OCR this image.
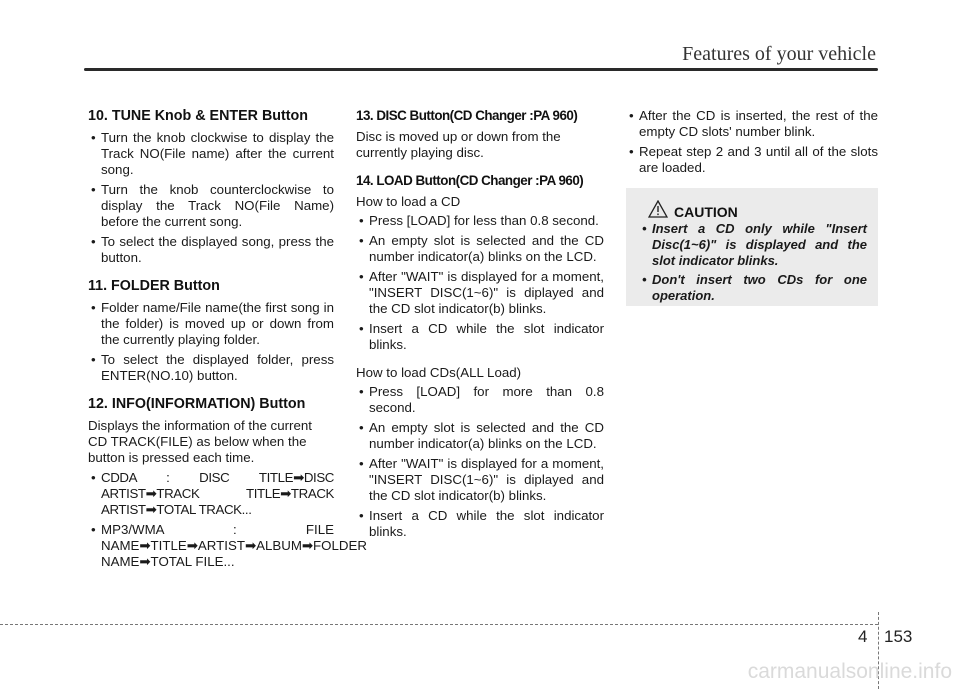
Features of your vehicle
10. TUNE Knob & ENTER Button
• Turn the knob clockwise to display the Track NO(File name) after the current song.
• Turn the knob counterclockwise to display the Track NO(File Name) before the current song.
• To select the displayed song, press the button.
11. FOLDER Button
• Folder name/File name(the first song in the folder) is moved up or down from the currently playing folder.
• To select the displayed folder, press ENTER(NO.10) button.
12. INFO(INFORMATION) Button

Displays the information of the current CD TRACK(FILE) as below when the button is pressed each time.

• CDDA : DISC TITLE➡DISC ARTIST➡TRACK TITLE➡TRACK ARTIST➡TOTAL TRACK...
• MP3/WMA : FILE NAME➡TITLE➡ARTIST➡ALBUM➡FOLDER NAME➡TOTAL FILE...
13. DISC Button(CD Changer :PA 960)

Disc is moved up or down from the currently playing disc.

14. LOAD Button(CD Changer :PA 960)

How to load a CD

• Press [LOAD] for less than 0.8 second.
• An empty slot is selected and the CD number indicator(a) blinks on the LCD.
• After "WAIT" is displayed for a moment, "INSERT DISC(1~6)" is diplayed and the CD slot indicator(b) blinks.
• Insert a CD while the slot indicator blinks.

How to load CDs(ALL Load)

• Press [LOAD] for more than 0.8 second.
• An empty slot is selected and the CD number indicator(a) blinks on the LCD.
• After "WAIT" is displayed for a moment, "INSERT DISC(1~6)" is diplayed and the CD slot indicator(b) blinks.
• Insert a CD while the slot indicator blinks.
• After the CD is inserted, the rest of the empty CD slots' number blink.
• Repeat step 2 and 3 until all of the slots are loaded.
CAUTION
• Insert a CD only while "Insert Disc(1~6)" is displayed and the slot indicator blinks.
• Don't insert two CDs for one operation.
4 153
carmanualsonline.info
